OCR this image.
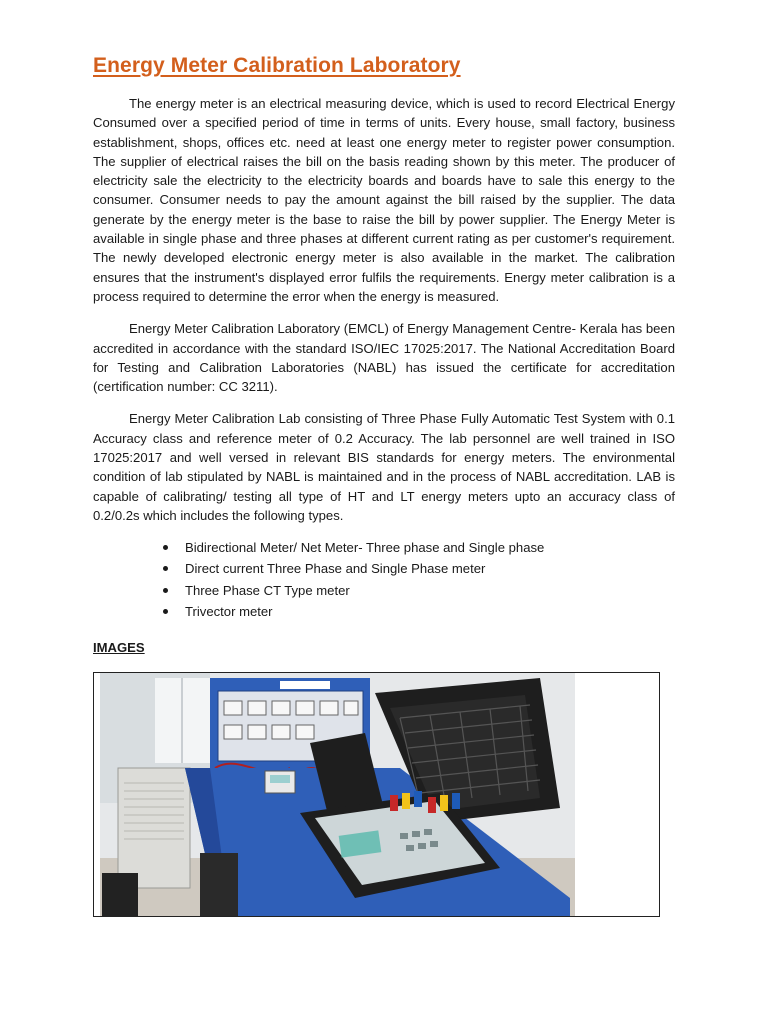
Energy Meter Calibration Laboratory

The energy meter is an electrical measuring device, which is used to record Electrical Energy Consumed over a specified period of time in terms of units. Every house, small factory, business establishment, shops, offices etc. need at least one energy meter to register power consumption. The supplier of electrical raises the bill on the basis reading shown by this meter. The producer of electricity sale the electricity to the electricity boards and boards have to sale this energy to the consumer. Consumer needs to pay the amount against the bill raised by the supplier. The data generate by the energy meter is the base to raise the bill by power supplier. The Energy Meter is available in single phase and three phases at different current rating as per customer's requirement. The newly developed electronic energy meter is also available in the market. The calibration ensures that the instrument's displayed error fulfils the requirements. Energy meter calibration is a process required to determine the error when the energy is measured.

Energy Meter Calibration Laboratory (EMCL) of Energy Management Centre- Kerala has been accredited in accordance with the standard ISO/IEC 17025:2017. The National Accreditation Board for Testing and Calibration Laboratories (NABL) has issued the certificate for accreditation (certification number: CC 3211).

Energy Meter Calibration Lab consisting of Three Phase Fully Automatic Test System with 0.1 Accuracy class and reference meter of 0.2 Accuracy. The lab personnel are well trained in ISO 17025:2017 and well versed in relevant BIS standards for energy meters. The environmental condition of lab stipulated by NABL is maintained and in the process of NABL accreditation. LAB is capable of calibrating/ testing all type of HT and LT energy meters upto an accuracy class of 0.2/0.2s which includes the following types.

Bidirectional Meter/ Net Meter- Three phase and Single phase
Direct current Three Phase and Single Phase meter
Three Phase CT Type meter
Trivector meter
IMAGES
